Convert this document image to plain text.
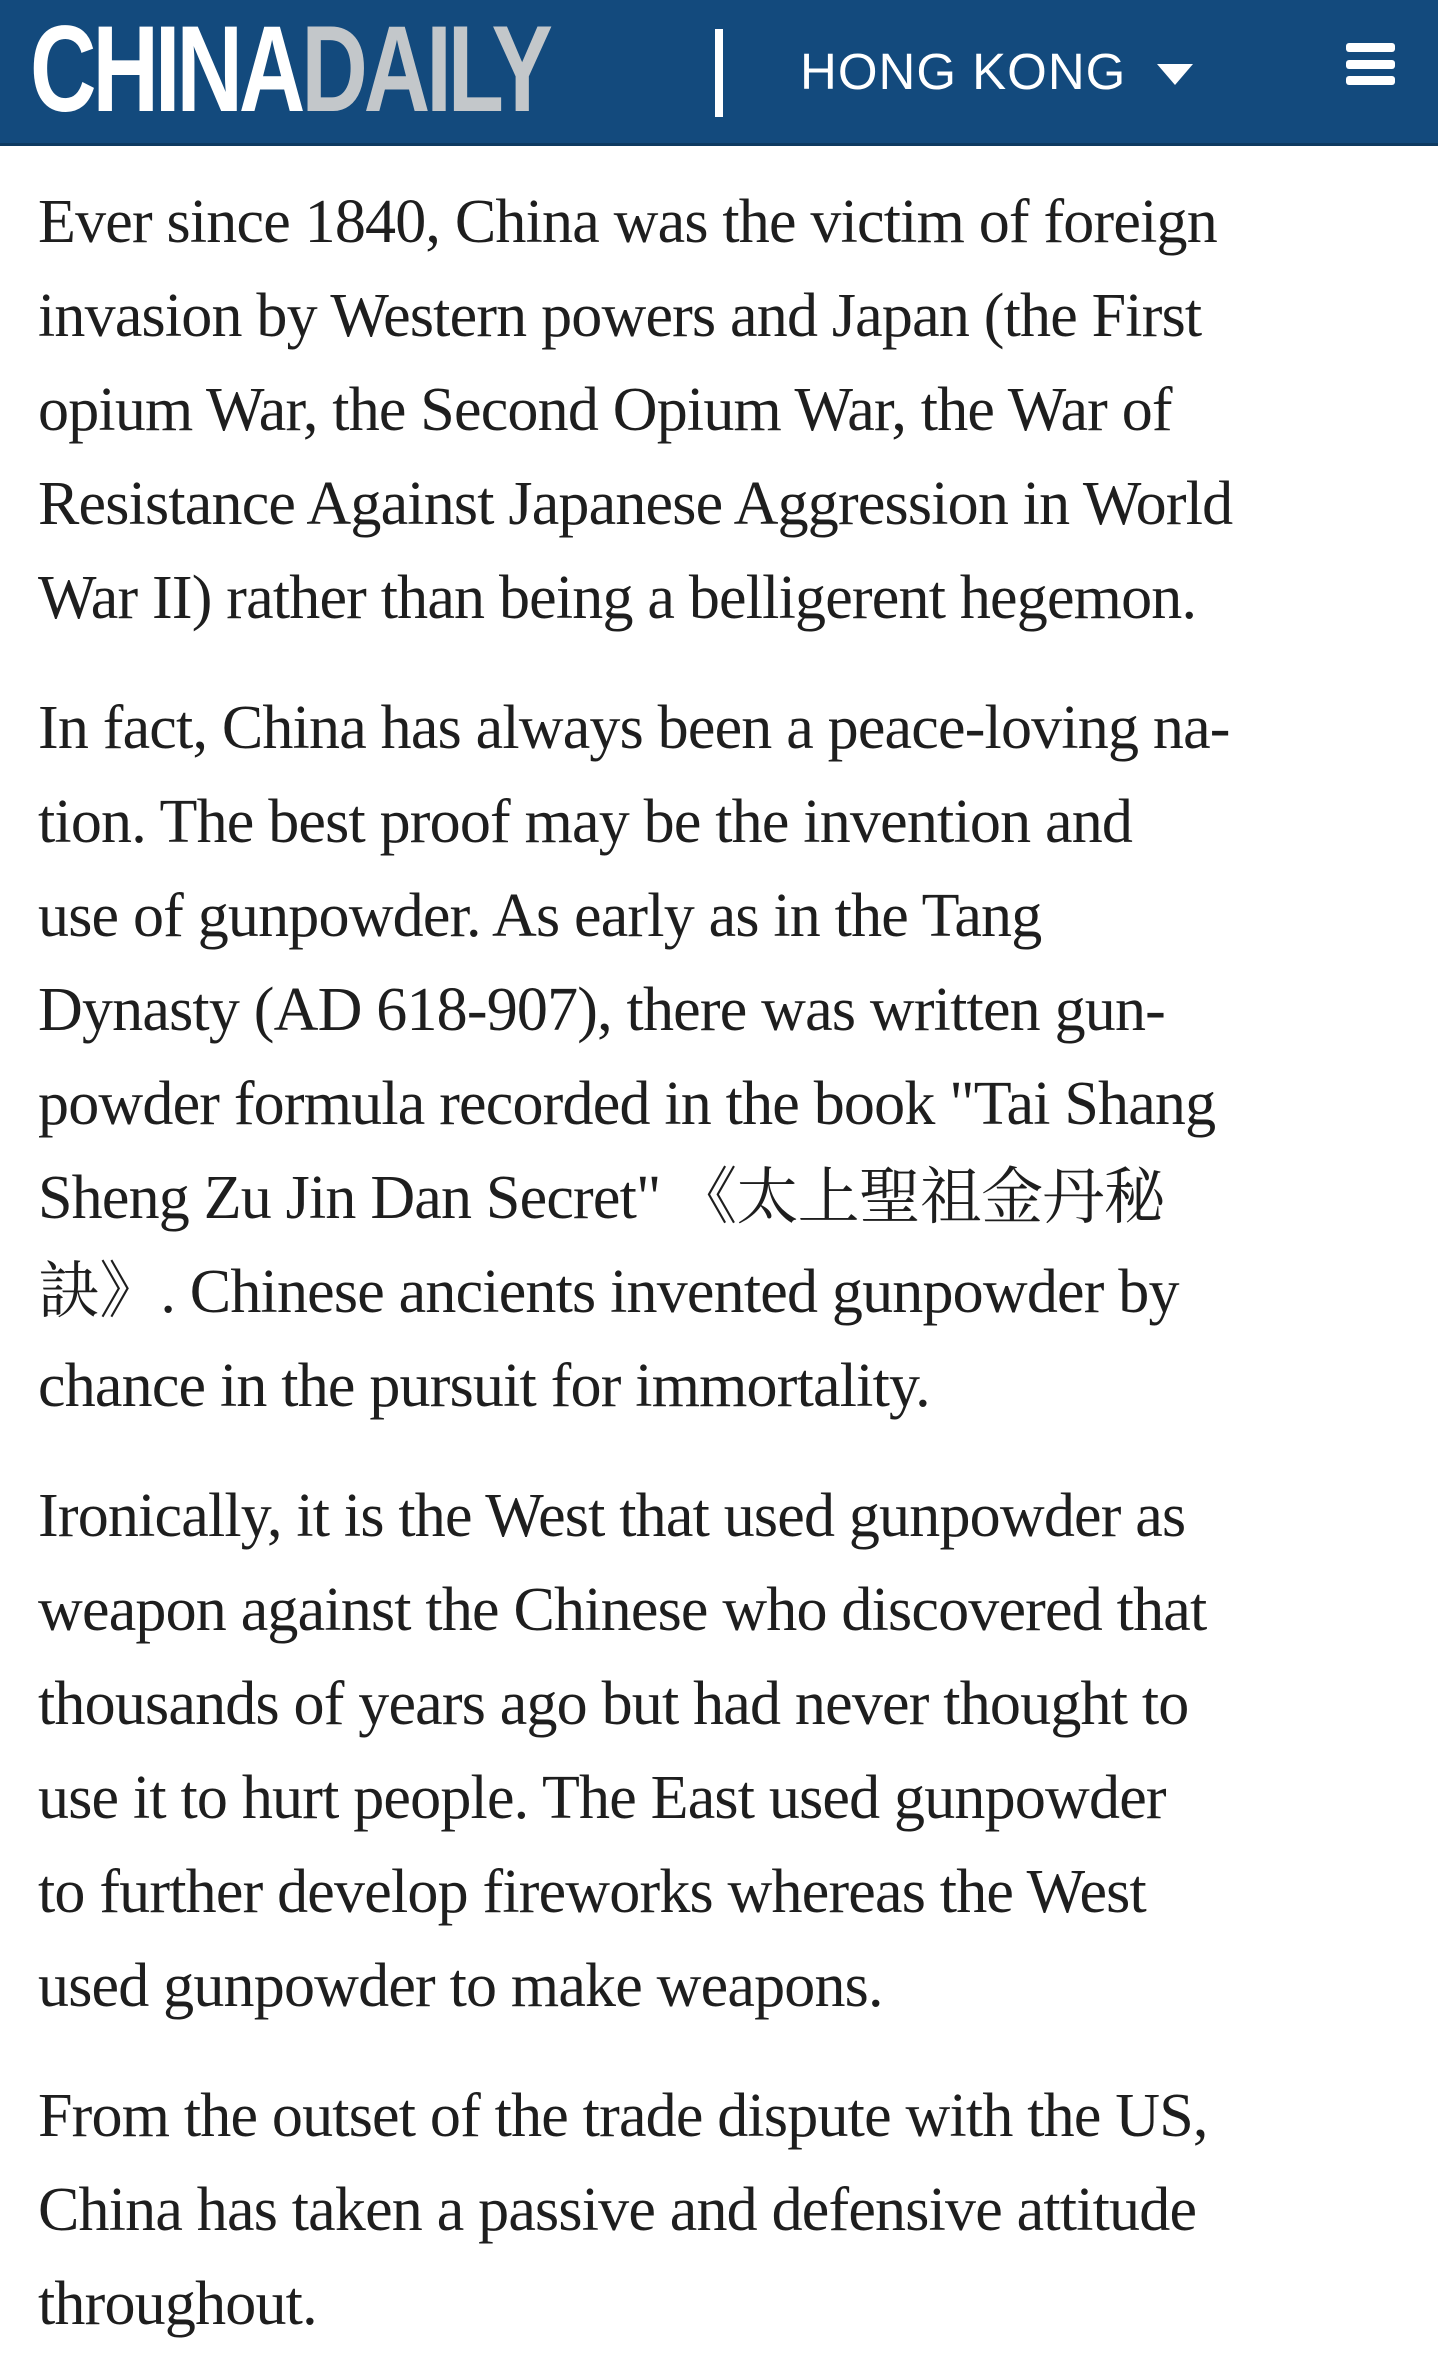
CHINA DAILY	HONG KONG
Ever since 1840, China was the victim of foreign
invasion by Western powers and Japan (the First
opium War, the Second Opium War, the War of
Resistance Against Japanese Aggression in World
War II) rather than being a belligerent hegemon.
In fact, China has always been a peace-loving na-
tion. The best proof may be the invention and
use of gunpowder. As early as in the Tang
Dynasty (AD 618-907), there was written gun-
powder formula recorded in the book "Tai Shang
Sheng Zu Jin Dan Secret" 《太上聖祖金丹秘
訣》. Chinese ancients invented gunpowder by
chance in the pursuit for immortality.
Ironically, it is the West that used gunpowder as
weapon against the Chinese who discovered that
thousands of years ago but had never thought to
use it to hurt people. The East used gunpowder
to further develop fireworks whereas the West
used gunpowder to make weapons.
From the outset of the trade dispute with the US,
China has taken a passive and defensive attitude
throughout.
